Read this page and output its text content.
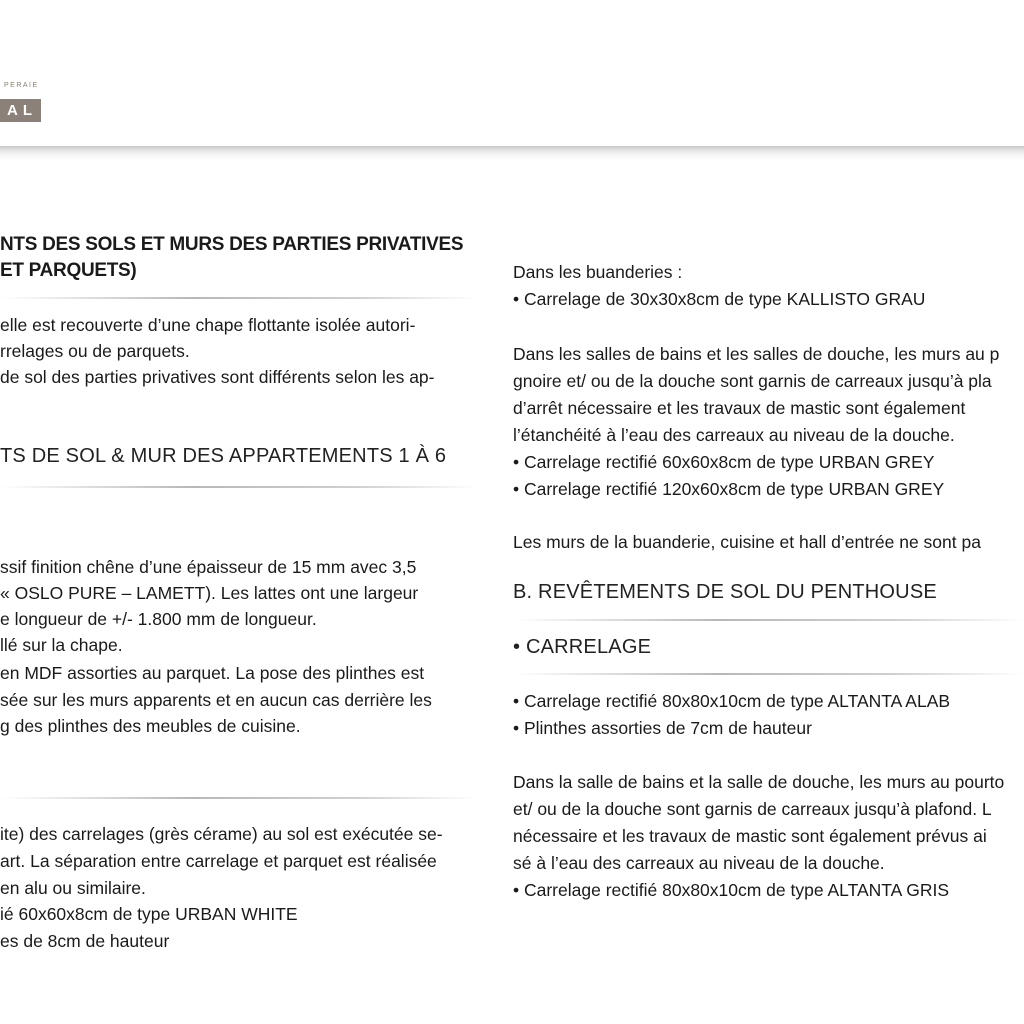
PERAIE
AL
NTS DES SOLS ET MURS DES PARTIES PRIVATIVES
ET PARQUETS)
elle est recouverte d’une chape flottante isolée autori-
rrelages ou de parquets.
de sol des parties privatives sont différents selon les ap-
TS DE SOL & MUR DES APPARTEMENTS 1 À 6
ssif finition chêne d’une épaisseur de 15 mm avec 3,5
« OSLO PURE – LAMETT). Les lattes ont une largeur
e longueur de +/- 1.800 mm de longueur.
llé sur la chape.
en MDF assorties au parquet. La pose des plinthes est
sée sur les murs apparents et en aucun cas derrière les
g des plinthes des meubles de cuisine.
ite) des carrelages (grès cérame) au sol est exécutée se-
art. La séparation entre carrelage et parquet est réalisée
en alu ou similaire.
ié 60x60x8cm de type URBAN WHITE
es de 8cm de hauteur
Dans les buanderies :
• Carrelage de 30x30x8cm de type KALLISTO GRAU
Dans les salles de bains et les salles de douche, les murs au p
gnoire et/ ou de la douche sont garnis de carreaux jusqu’à pla
d’arrêt nécessaire et les travaux de mastic sont également
l’étanchéité à l’eau des carreaux au niveau de la douche.
• Carrelage rectifié 60x60x8cm de type URBAN GREY
• Carrelage rectifié 120x60x8cm de type URBAN GREY
Les murs de la buanderie, cuisine et hall d’entrée ne sont pa
B. REVÊTEMENTS DE SOL DU PENTHOUSE
• CARRELAGE
• Carrelage rectifié 80x80x10cm de type ALTANTA ALAB
• Plinthes assorties de 7cm de hauteur
Dans la salle de bains et la salle de douche, les murs au pourto
et/ ou de la douche sont garnis de carreaux jusqu’à plafond. L
nécessaire et les travaux de mastic sont également prévus ai
sé à l’eau des carreaux au niveau de la douche.
• Carrelage rectifié 80x80x10cm de type ALTANTA GRIS
